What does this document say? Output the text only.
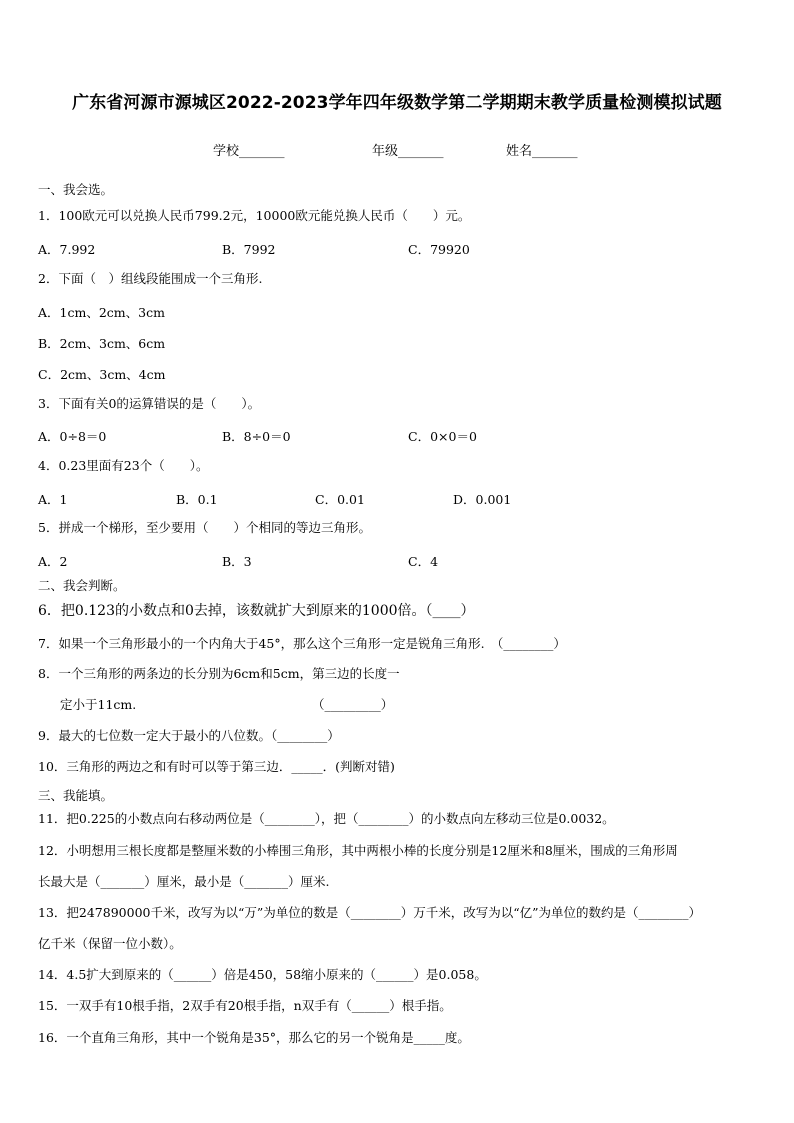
广东省河源市源城区2022-2023学年四年级数学第二学期期末教学质量检测模拟试题
学校_______	年级_______	姓名_______
一、我会选。
1．100欧元可以兑换人民币799.2元，10000欧元能兑换人民币（　　）元。
A．7.992	B．7992	C．79920
2．下面（　）组线段能围成一个三角形.
A．1cm、2cm、3cm
B．2cm、3cm、6cm
C．2cm、3cm、4cm
3．下面有关0的运算错误的是（　　）。
A．0÷8＝0	B．8÷0＝0	C．0×0＝0
4．0.23里面有23个（　　）。
A．1	B．0.1	C．0.01	D．0.001
5．拼成一个梯形，至少要用（　　）个相同的等边三角形。
A．2	B．3	C．4
二、我会判断。
6．把0.123的小数点和0去掉，该数就扩大到原来的1000倍。（____）
7．如果一个三角形最小的一个内角大于45°，那么这个三角形一定是锐角三角形.　（________）
8．一个三角形的两条边的长分别为6cm和5cm，第三边的长度一
定小于11cm.	（_________）
9．最大的七位数一定大于最小的八位数。（________）
10．三角形的两边之和有时可以等于第三边．_____．(判断对错)
三、我能填。
11．把0.225的小数点向右移动两位是（________），把（________）的小数点向左移动三位是0.0032。
12．小明想用三根长度都是整厘米数的小棒围三角形，其中两根小棒的长度分别是12厘米和8厘米，围成的三角形周
长最大是（_______）厘米，最小是（_______）厘米.
13．把247890000千米，改写为以“万”为单位的数是（________）万千米，改写为以“亿”为单位的数约是（________）
亿千米（保留一位小数）。
14．4.5扩大到原来的（______）倍是450，58缩小原来的（______）是0.058。
15．一双手有10根手指，2双手有20根手指，n双手有（______）根手指。
16．一个直角三角形，其中一个锐角是35°，那么它的另一个锐角是_____度。
